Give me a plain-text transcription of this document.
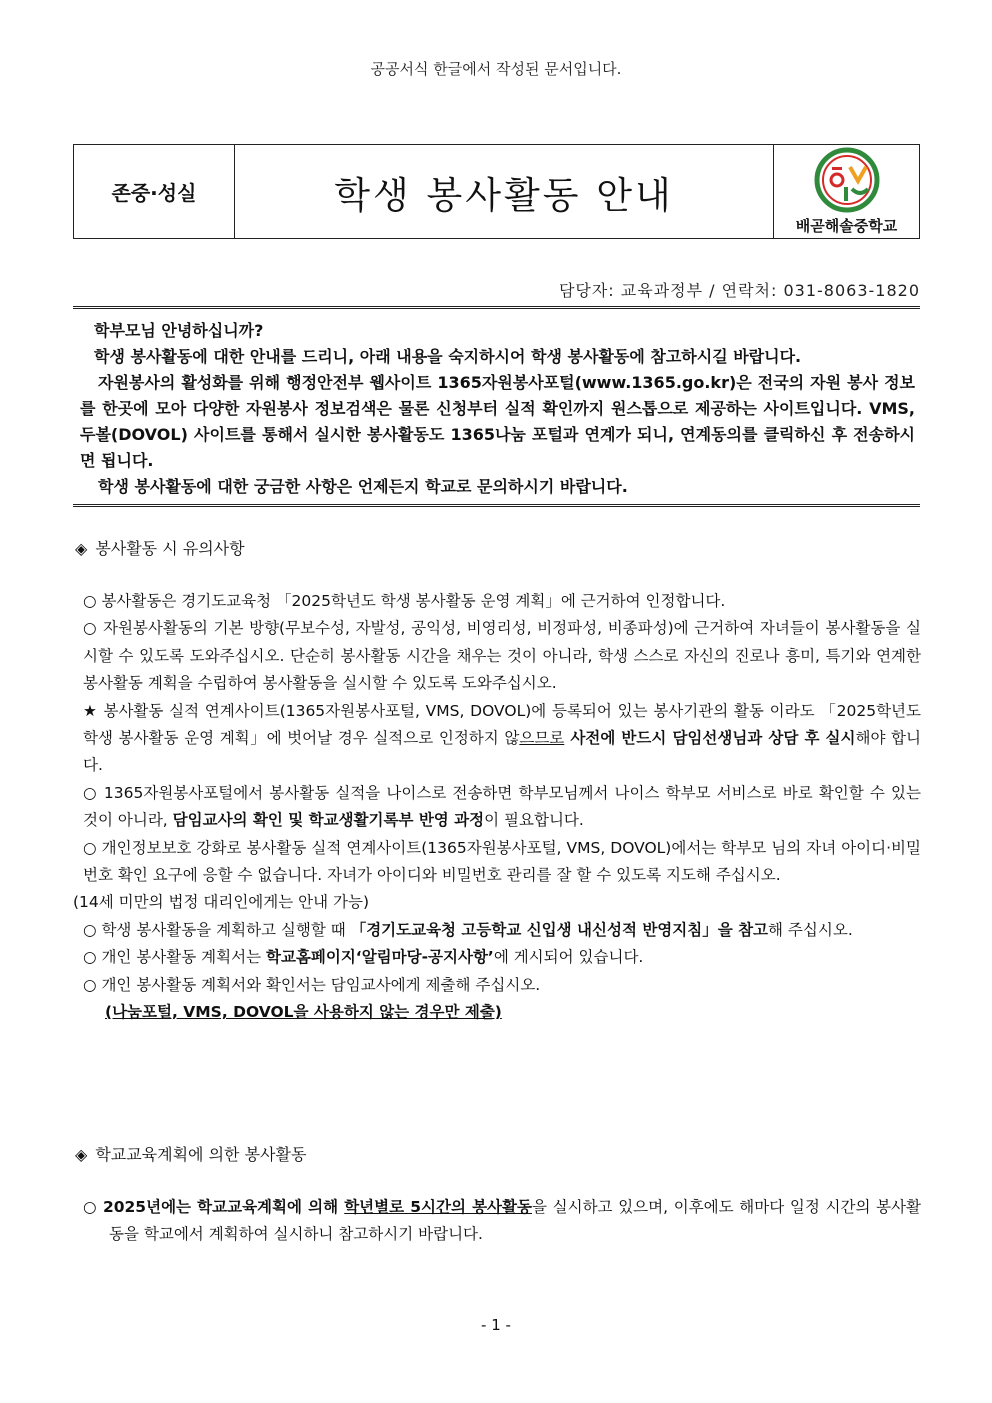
공공서식 한글에서 작성된 문서입니다.
존중·성실	학생 봉사활동 안내
배곧해솔중학교
담당자: 교육과정부 / 연락처: 031-8063-1820

학부모님 안녕하십니까?

학생 봉사활동에 대한 안내를 드리니, 아래 내용을 숙지하시어 학생 봉사활동에 참고하시길 바랍니다.

자원봉사의 활성화를 위해 행정안전부 웹사이트 1365자원봉사포털(www.1365.go.kr)은 전국의 자원 봉사 정보를 한곳에 모아 다양한 자원봉사 정보검색은 물론 신청부터 실적 확인까지 원스톱으로 제공하는 사이트입니다. VMS, 두볼(DOVOL) 사이트를 통해서 실시한 봉사활동도 1365나눔 포털과 연계가 되니, 연계동의를 클릭하신 후 전송하시면 됩니다.

학생 봉사활동에 대한 궁금한 사항은 언제든지 학교로 문의하시기 바랍니다.

◈ 봉사활동 시 유의사항

○ 봉사활동은 경기도교육청 「2025학년도 학생 봉사활동 운영 계획」에 근거하여 인정합니다.

○ 자원봉사활동의 기본 방향(무보수성, 자발성, 공익성, 비영리성, 비정파성, 비종파성)에 근거하여 자녀들이 봉사활동을 실시할 수 있도록 도와주십시오. 단순히 봉사활동 시간을 채우는 것이 아니라, 학생 스스로 자신의 진로나 흥미, 특기와 연계한 봉사활동 계획을 수립하여 봉사활동을 실시할 수 있도록 도와주십시오.

★ 봉사활동 실적 연계사이트(1365자원봉사포털, VMS, DOVOL)에 등록되어 있는 봉사기관의 활동 이라도 「2025학년도 학생 봉사활동 운영 계획」에 벗어날 경우 실적으로 인정하지 않으므로 사전에 반드시 담임선생님과 상담 후 실시해야 합니다.

○ 1365자원봉사포털에서 봉사활동 실적을 나이스로 전송하면 학부모님께서 나이스 학부모 서비스로 바로 확인할 수 있는 것이 아니라, 담임교사의 확인 및 학교생활기록부 반영 과정이 필요합니다.

○ 개인정보보호 강화로 봉사활동 실적 연계사이트(1365자원봉사포털, VMS, DOVOL)에서는 학부모 님의 자녀 아이디·비밀번호 확인 요구에 응할 수 없습니다. 자녀가 아이디와 비밀번호 관리를 잘 할 수 있도록 지도해 주십시오.

(14세 미만의 법정 대리인에게는 안내 가능)

○ 학생 봉사활동을 계획하고 실행할 때 「경기도교육청 고등학교 신입생 내신성적 반영지침」을 참고해 주십시오.

○ 개인 봉사활동 계획서는 학교홈페이지‘알림마당-공지사항’에 게시되어 있습니다.

○ 개인 봉사활동 계획서와 확인서는 담임교사에게 제출해 주십시오.

(나눔포털, VMS, DOVOL을 사용하지 않는 경우만 제출)

◈ 학교교육계획에 의한 봉사활동

○ 2025년에는 학교교육계획에 의해 학년별로 5시간의 봉사활동을 실시하고 있으며, 이후에도 해마다 일정 시간의 봉사활동을 학교에서 계획하여 실시하니 참고하시기 바랍니다.

- 1 -
